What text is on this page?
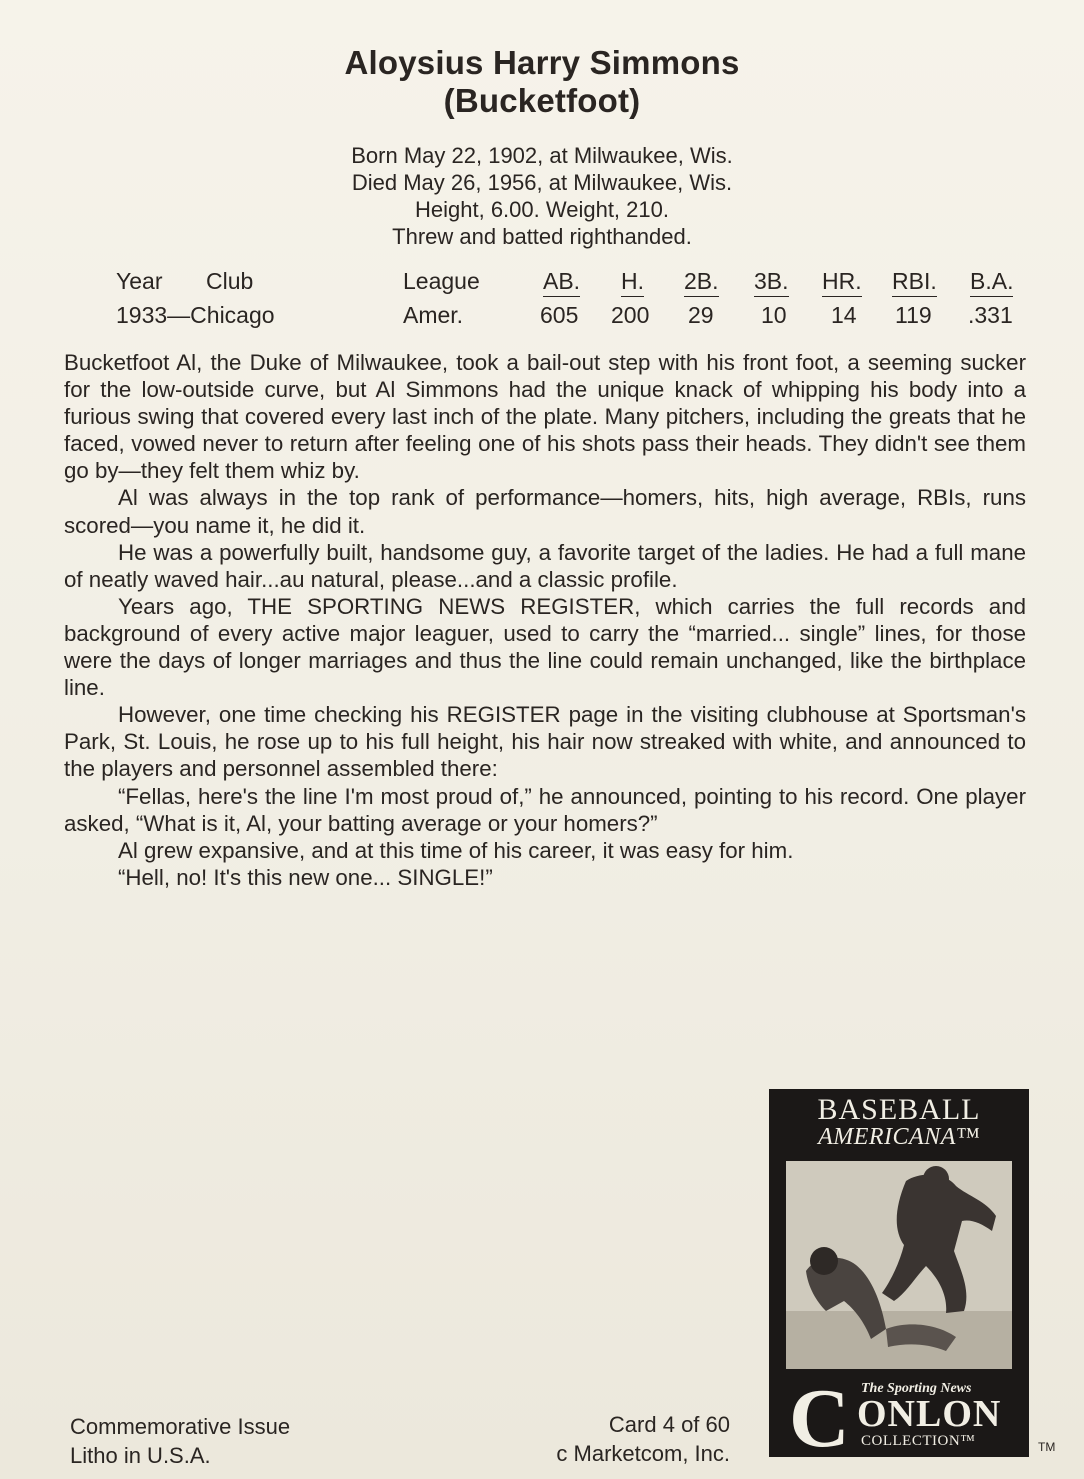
Aloysius Harry Simmons
(Bucketfoot)
Born May 22, 1902, at Milwaukee, Wis.
Died May 26, 1956, at Milwaukee, Wis.
Height, 6.00. Weight, 210.
Threw and batted righthanded.
Year Club	League	AB. H. 2B. 3B. HR. RBI. B.A.
1933—Chicago	Amer.	605 200 29 10 14 119 .331

Bucketfoot Al, the Duke of Milwaukee, took a bail-out step with his front foot, a seeming sucker for the low-outside curve, but Al Simmons had the unique knack of whipping his body into a furious swing that covered every last inch of the plate. Many pitchers, including the greats that he faced, vowed never to return after feeling one of his shots pass their heads. They didn't see them go by—they felt them whiz by.

Al was always in the top rank of performance—homers, hits, high average, RBIs, runs scored—you name it, he did it.

He was a powerfully built, handsome guy, a favorite target of the ladies. He had a full mane of neatly waved hair...au natural, please...and a classic profile.

Years ago, THE SPORTING NEWS REGISTER, which carries the full records and background of every active major leaguer, used to carry the “married... single” lines, for those were the days of longer marriages and thus the line could remain unchanged, like the birthplace line.

However, one time checking his REGISTER page in the visiting clubhouse at Sportsman's Park, St. Louis, he rose up to his full height, his hair now streaked with white, and announced to the players and personnel assembled there:

“Fellas, here's the line I'm most proud of,” he announced, pointing to his record. One player asked, “What is it, Al, your batting average or your homers?”

Al grew expansive, and at this time of his career, it was easy for him.

“Hell, no! It's this new one... SINGLE!”

Commemorative Issue
Litho in U.S.A.
Card 4 of 60
c Marketcom, Inc.
BASEBALL
AMERICANA™
C The Sporting News
ONLON
COLLECTION™	TM
